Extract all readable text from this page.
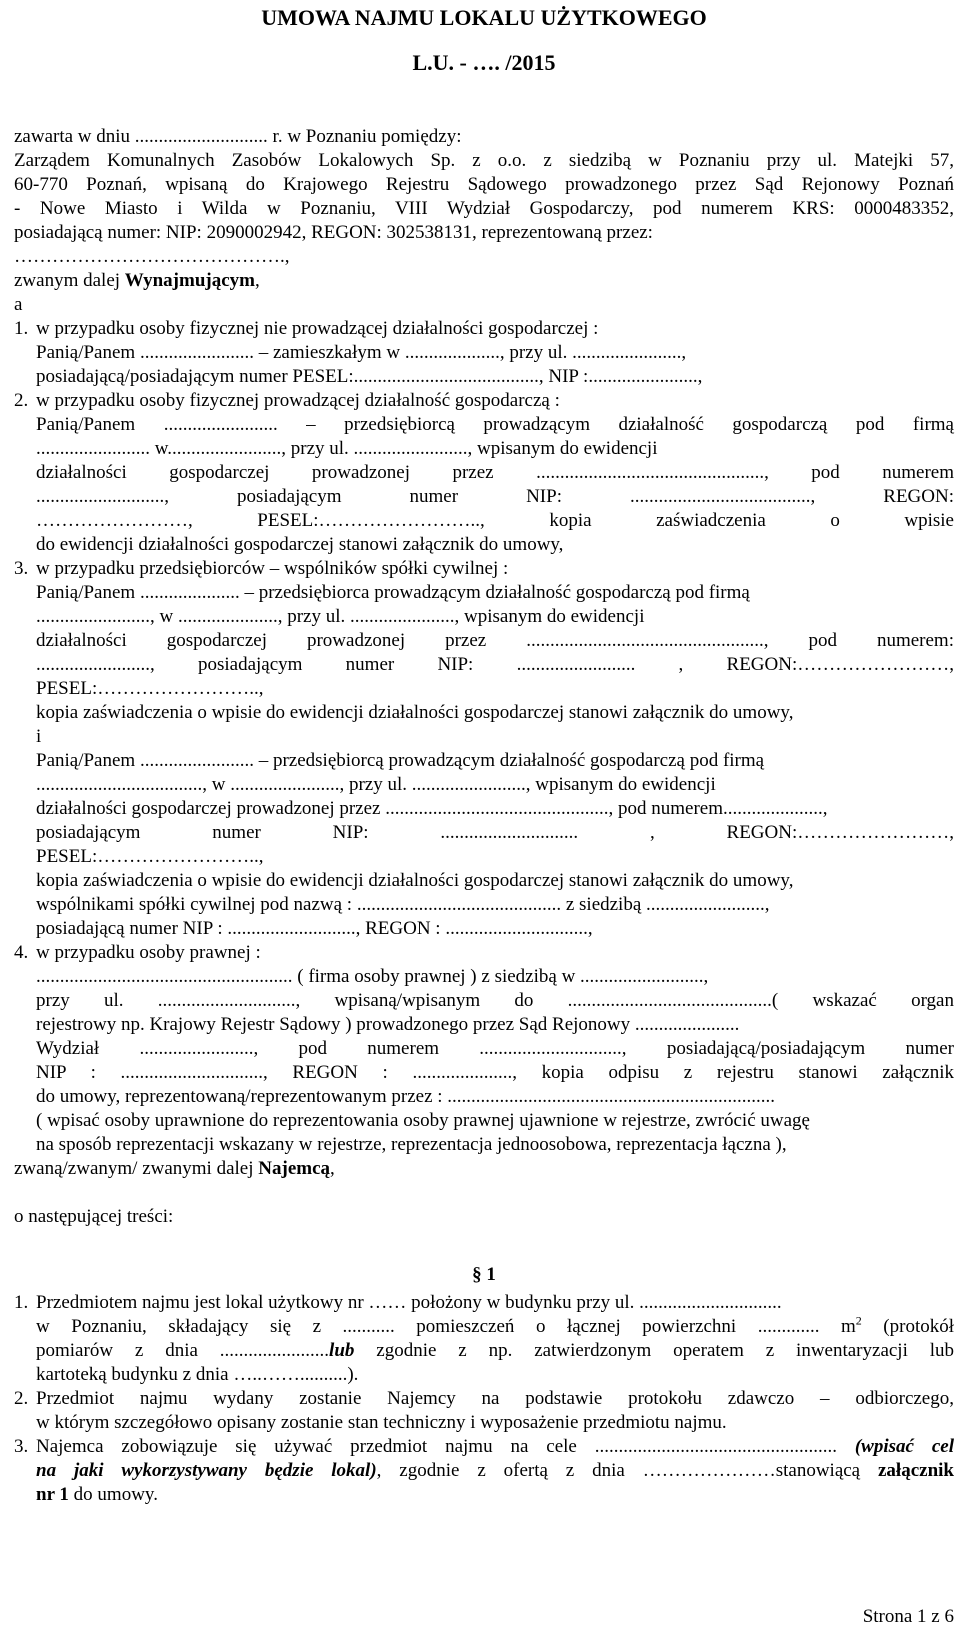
UMOWA NAJMU LOKALU UŻYTKOWEGO
L.U. - …. /2015
zawarta w dniu ............................ r. w Poznaniu pomiędzy:
Zarządem Komunalnych Zasobów Lokalowych Sp. z o.o. z siedzibą w Poznaniu przy ul. Matejki 57,
60-770 Poznań, wpisaną do Krajowego Rejestru Sądowego prowadzonego przez Sąd Rejonowy Poznań
- Nowe Miasto i Wilda w Poznaniu, VIII Wydział Gospodarczy, pod numerem KRS: 0000483352,
posiadającą numer: NIP: 2090002942, REGON: 302538131, reprezentowaną przez:
…………………………………….,
zwanym dalej Wynajmującym,
a
1. w przypadku osoby fizycznej nie prowadzącej działalności gospodarczej :
Panią/Panem ........................ – zamieszkałym w ...................., przy ul. .......................,
posiadającą/posiadającym numer PESEL:......................................., NIP :.......................,
2. w przypadku osoby fizycznej prowadzącej działalność gospodarczą :
Panią/Panem ........................ – przedsiębiorcą prowadzącym działalność gospodarczą pod firmą
........................ w........................, przy ul. ........................, wpisanym do ewidencji
działalności gospodarczej prowadzonej przez ................................................, pod numerem
..........................., posiadającym numer NIP: ......................................, REGON:
……………………, PESEL:…………………….., kopia zaświadczenia o wpisie
do ewidencji działalności gospodarczej stanowi załącznik do umowy,
3. w przypadku przedsiębiorców – wspólników spółki cywilnej :
Panią/Panem ..................... – przedsiębiorca prowadzącym działalność gospodarczą pod firmą
........................, w ....................., przy ul. ......................, wpisanym do ewidencji
działalności gospodarczej prowadzonej przez .................................................., pod numerem:
........................, posiadającym numer NIP: ......................... , REGON:……………………,
PESEL:……………………..,
kopia zaświadczenia o wpisie do ewidencji działalności gospodarczej stanowi załącznik do umowy,
i
Panią/Panem ........................ – przedsiębiorcą prowadzącym działalność gospodarczą pod firmą
..................................., w ......................., przy ul. ........................, wpisanym do ewidencji
działalności gospodarczej prowadzonej przez ..............................................., pod numerem.....................,
posiadającym numer NIP: ............................. , REGON:……………………,
PESEL:……………………..,
kopia zaświadczenia o wpisie do ewidencji działalności gospodarczej stanowi załącznik do umowy,
wspólnikami spółki cywilnej pod nazwą : ........................................... z siedzibą .........................,
posiadającą numer NIP : ..........................., REGON : ..............................,
4. w przypadku osoby prawnej :
...................................................... ( firma osoby prawnej ) z siedzibą w ..........................,
przy ul. ............................., wpisaną/wpisanym do ...........................................( wskazać organ
rejestrowy np. Krajowy Rejestr Sądowy ) prowadzonego przez Sąd Rejonowy ......................
Wydział ........................, pod numerem .............................., posiadającą/posiadającym numer
NIP : .............................., REGON : ....................., kopia odpisu z rejestru stanowi załącznik
do umowy, reprezentowaną/reprezentowanym przez : .....................................................................
( wpisać osoby uprawnione do reprezentowania osoby prawnej ujawnione w rejestrze, zwrócić uwagę
na sposób reprezentacji wskazany w rejestrze, reprezentacja jednoosobowa, reprezentacja łączna ),
zwaną/zwanym/ zwanymi dalej Najemcą,
o następującej treści:
§ 1
1. Przedmiotem najmu jest lokal użytkowy nr …… położony w budynku przy ul. ..............................
w Poznaniu, składający się z ........... pomieszczeń o łącznej powierzchni ............. $m^2$ (protokół
pomiarów z dnia .......................lub zgodnie z np. zatwierdzonym operatem z inwentaryzacji lub
kartoteką budynku z dnia …..……..........).
2. Przedmiot najmu wydany zostanie Najemcy na podstawie protokołu zdawczo – odbiorczego,
w którym szczegółowo opisany zostanie stan techniczny i wyposażenie przedmiotu najmu.
3. Najemca zobowiązuje się używać przedmiot najmu na cele ................................................... (wpisać cel
na jaki wykorzystywany będzie lokal), zgodnie z ofertą z dnia …………………stanowiącą załącznik
nr 1 do umowy.
Strona 1 z 6
